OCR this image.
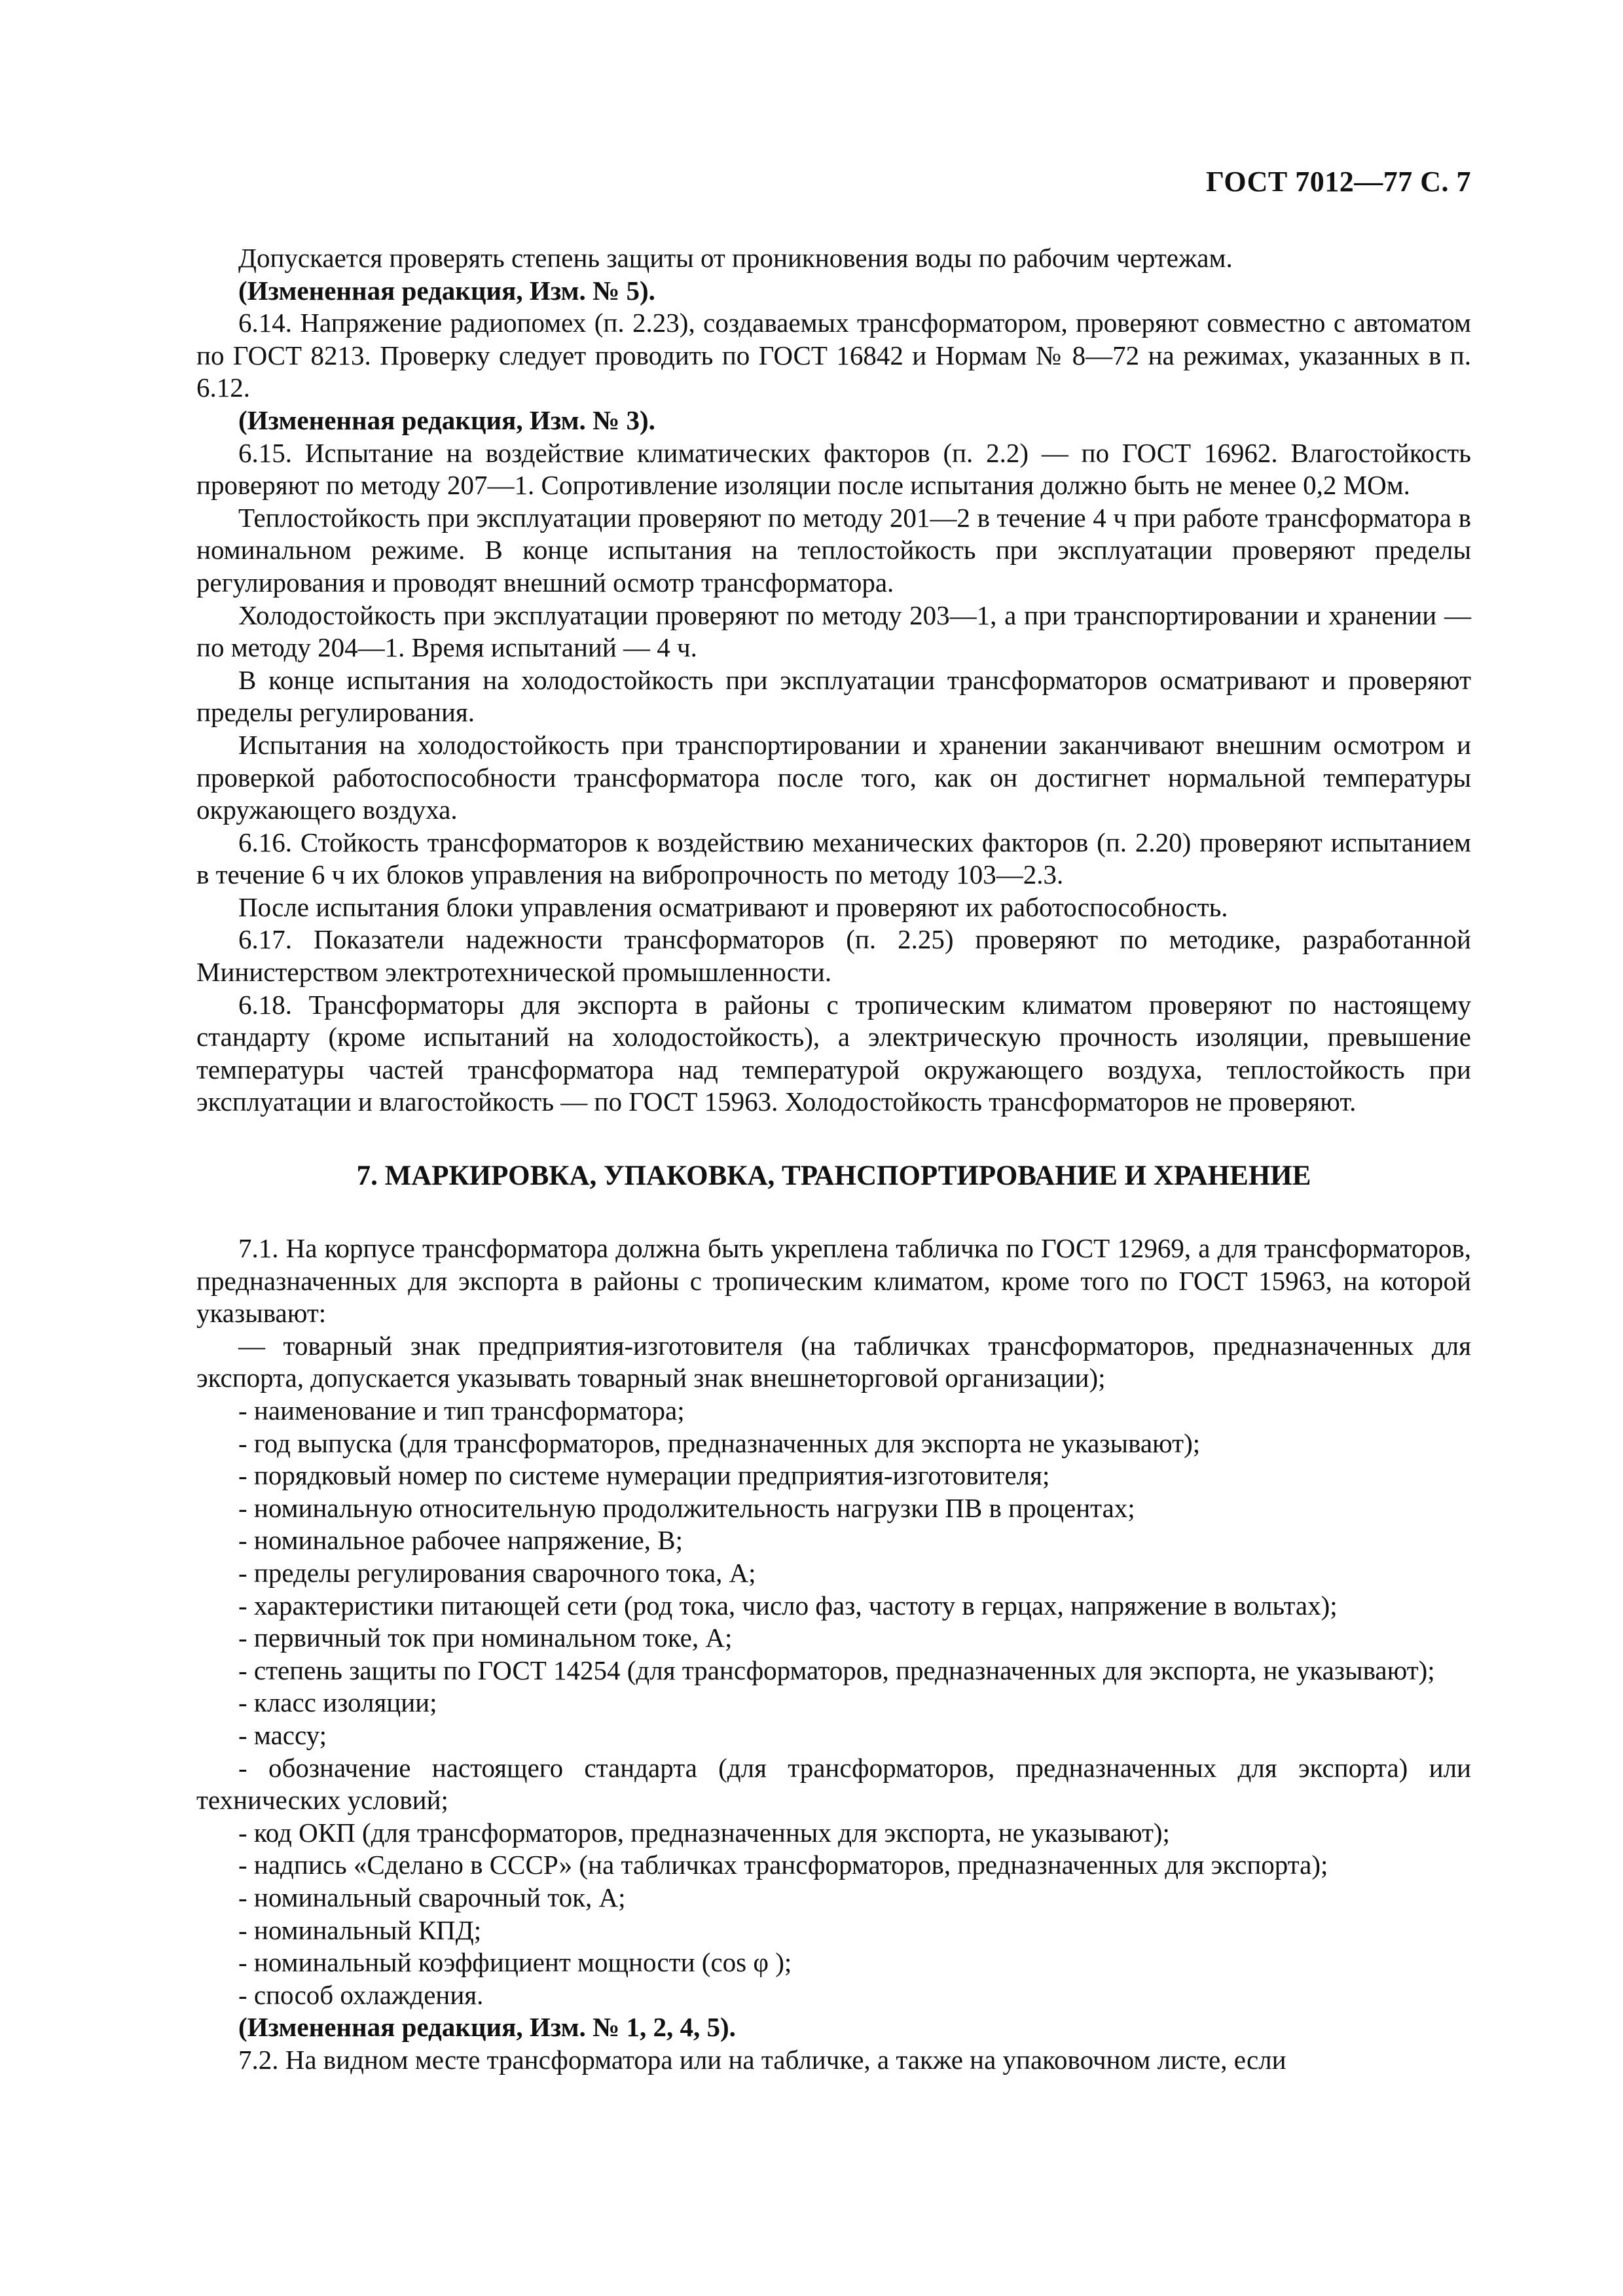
ГОСТ 7012—77 С. 7

Допускается проверять степень защиты от проникновения воды по рабочим чертежам.

(Измененная редакция, Изм. № 5).

6.14. Напряжение радиопомех (п. 2.23), создаваемых трансформатором, проверяют совместно с автоматом по ГОСТ 8213. Проверку следует проводить по ГОСТ 16842 и Нормам № 8—72 на режимах, указанных в п. 6.12.

(Измененная редакция, Изм. № 3).

6.15. Испытание на воздействие климатических факторов (п. 2.2) — по ГОСТ 16962. Влагостойкость проверяют по методу 207—1. Сопротивление изоляции после испытания должно быть не менее 0,2 МОм.

Теплостойкость при эксплуатации проверяют по методу 201—2 в течение 4 ч при работе трансформатора в номинальном режиме. В конце испытания на теплостойкость при эксплуатации проверяют пределы регулирования и проводят внешний осмотр трансформатора.

Холодостойкость при эксплуатации проверяют по методу 203—1, а при транспортировании и хранении — по методу 204—1. Время испытаний — 4 ч.

В конце испытания на холодостойкость при эксплуатации трансформаторов осматривают и проверяют пределы регулирования.

Испытания на холодостойкость при транспортировании и хранении заканчивают внешним осмотром и проверкой работоспособности трансформатора после того, как он достигнет нормальной температуры окружающего воздуха.

6.16. Стойкость трансформаторов к воздействию механических факторов (п. 2.20) проверяют испытанием в течение 6 ч их блоков управления на вибропрочность по методу 103—2.3.

После испытания блоки управления осматривают и проверяют их работоспособность.

6.17. Показатели надежности трансформаторов (п. 2.25) проверяют по методике, разработанной Министерством электротехнической промышленности.

6.18. Трансформаторы для экспорта в районы с тропическим климатом проверяют по настоящему стандарту (кроме испытаний на холодостойкость), а электрическую прочность изоляции, превышение температуры частей трансформатора над температурой окружающего воздуха, теплостойкость при эксплуатации и влагостойкость — по ГОСТ 15963. Холодостойкость трансформаторов не проверяют.

7. МАРКИРОВКА, УПАКОВКА, ТРАНСПОРТИРОВАНИЕ И ХРАНЕНИЕ

7.1. На корпусе трансформатора должна быть укреплена табличка по ГОСТ 12969, а для трансформаторов, предназначенных для экспорта в районы с тропическим климатом, кроме того по ГОСТ 15963, на которой указывают:

— товарный знак предприятия-изготовителя (на табличках трансформаторов, предназначенных для экспорта, допускается указывать товарный знак внешнеторговой организации);

- наименование и тип трансформатора;

- год выпуска (для трансформаторов, предназначенных для экспорта не указывают);

- порядковый номер по системе нумерации предприятия-изготовителя;

- номинальную относительную продолжительность нагрузки ПВ в процентах;

- номинальное рабочее напряжение, В;

- пределы регулирования сварочного тока, А;

- характеристики питающей сети (род тока, число фаз, частоту в герцах, напряжение в вольтах);

- первичный ток при номинальном токе, А;

- степень защиты по ГОСТ 14254 (для трансформаторов, предназначенных для экспорта, не указывают);

- класс изоляции;

- массу;

- обозначение настоящего стандарта (для трансформаторов, предназначенных для экспорта) или технических условий;

- код ОКП (для трансформаторов, предназначенных для экспорта, не указывают);

- надпись «Сделано в СССР» (на табличках трансформаторов, предназначенных для экспорта);

- номинальный сварочный ток, А;

- номинальный КПД;

- номинальный коэффициент мощности (cos φ );

- способ охлаждения.

(Измененная редакция, Изм. № 1, 2, 4, 5).

7.2. На видном месте трансформатора или на табличке, а также на упаковочном листе, если
